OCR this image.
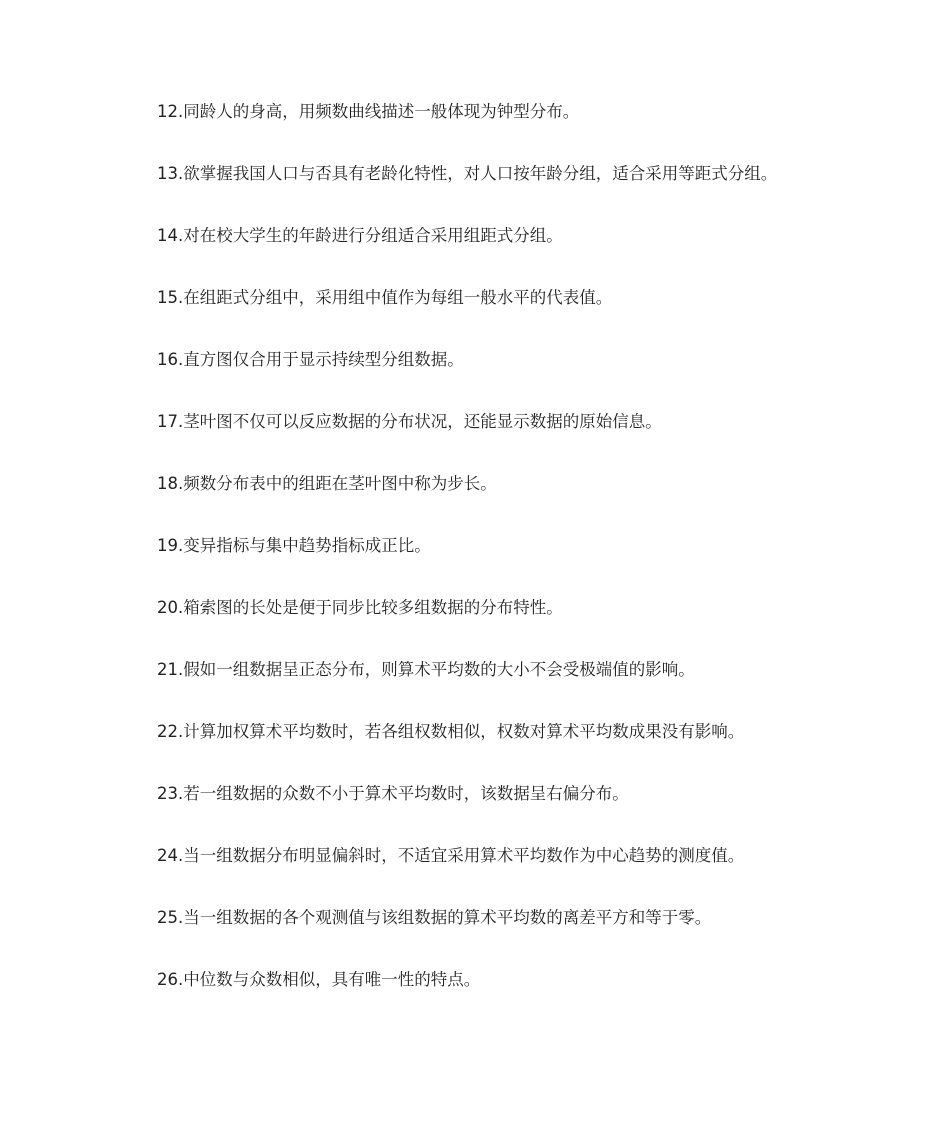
12.同龄人的身高，用频数曲线描述一般体现为钟型分布。
13.欲掌握我国人口与否具有老龄化特性，对人口按年龄分组，适合采用等距式分组。
14.对在校大学生的年龄进行分组适合采用组距式分组。
15.在组距式分组中，采用组中值作为每组一般水平的代表值。
16.直方图仅合用于显示持续型分组数据。
17.茎叶图不仅可以反应数据的分布状况，还能显示数据的原始信息。
18.频数分布表中的组距在茎叶图中称为步长。
19.变异指标与集中趋势指标成正比。
20.箱索图的长处是便于同步比较多组数据的分布特性。
21.假如一组数据呈正态分布，则算术平均数的大小不会受极端值的影响。
22.计算加权算术平均数时，若各组权数相似，权数对算术平均数成果没有影响。
23.若一组数据的众数不小于算术平均数时，该数据呈右偏分布。
24.当一组数据分布明显偏斜时，不适宜采用算术平均数作为中心趋势的测度值。
25.当一组数据的各个观测值与该组数据的算术平均数的离差平方和等于零。
26.中位数与众数相似，具有唯一性的特点。
